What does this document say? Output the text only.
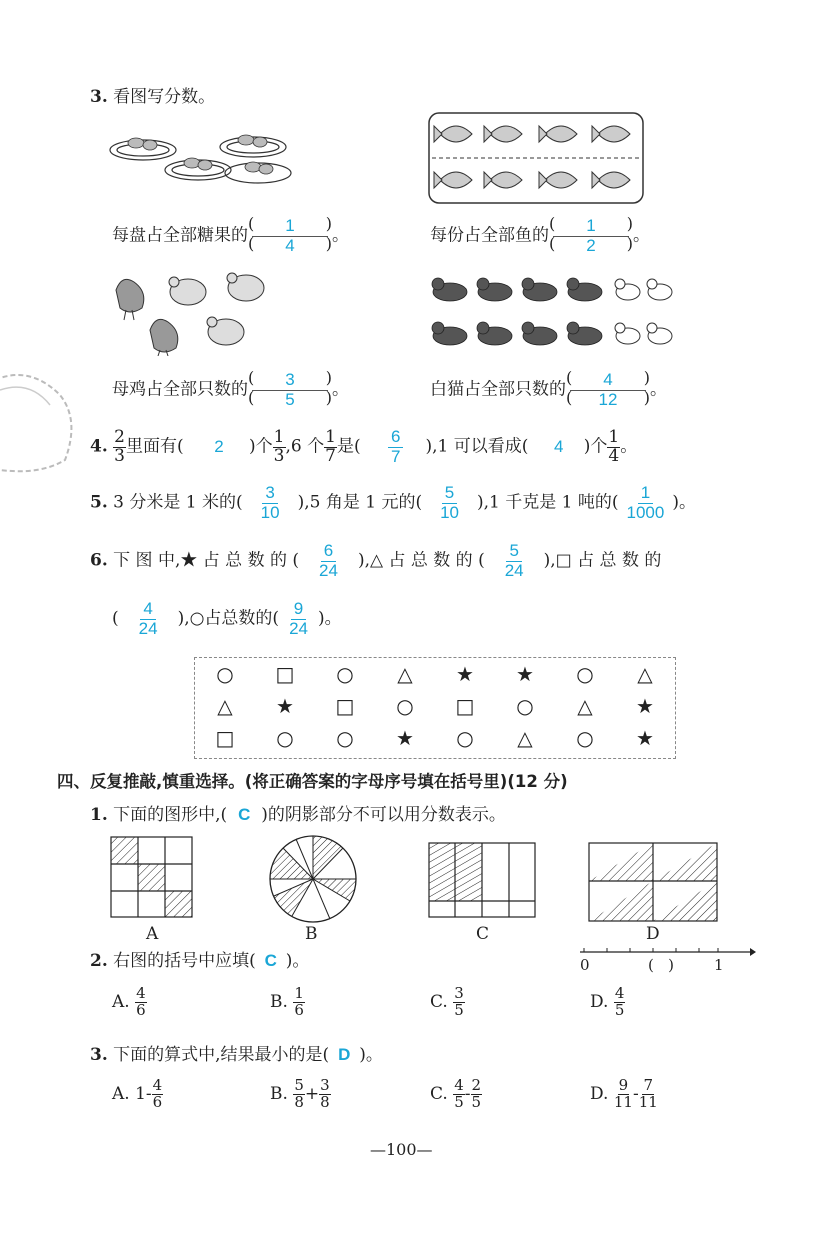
3. 看图写分数。
每盘占全部糖果的
(	)
1
(	)
4	。	每份占全部鱼的
(	)
1
(	)
2	。
母鸡占全部只数的
(	)
3
(	)
5	。	白猫占全部只数的
(	)
4
(	)
12	。
4. $\frac{2}{3}$ 里面有( 2 )个 $\frac{1}{3} ,6$ 个 $\frac{1}{7}$ 是( $\frac{6}{7} ),1$ 可以看成( 4 )个 $\frac{1}{4}$ 。
5. 3 分米是 1 米的( $\frac{3}{10} ),5$ 角是 1 元的( $\frac{5}{10} ),1$ 千克是 1 吨的( $\frac{1}{1000}$ )。
6. 下 图 中,★ 占 总 数 的 ( $\frac{6}{24}$ ),△ 占 总 数 的 ( $\frac{5}{24}$ ),□ 占 总 数 的
( $\frac{4}{24}$ ),○占总数的( $\frac{9}{24}$ )。
○	□	○	△	★	★	○	△
△	★	□	○	□	○	△	★
□	○	○	★	○	△	○	★
四、反复推敲,慎重选择。(将正确答案的字母序号填在括号里)(12 分)
1. 下面的图形中,( C )的阴影部分不可以用分数表示。
A	B	C	D
2. 右图的括号中应填( C )。	0	(   )	1
A. $\frac{4}{6}$	B. $\frac{1}{6}$	C. $\frac{3}{5}$	D. $\frac{4}{5}$
3. 下面的算式中,结果最小的是( D )。
A. $1- \frac{4}{6}$	B. $\frac{5}{8} + \frac{3}{8}$	C. $\frac{4}{5} - \frac{2}{5}$	D. $\frac{9}{11} - \frac{7}{11}$
—100—
